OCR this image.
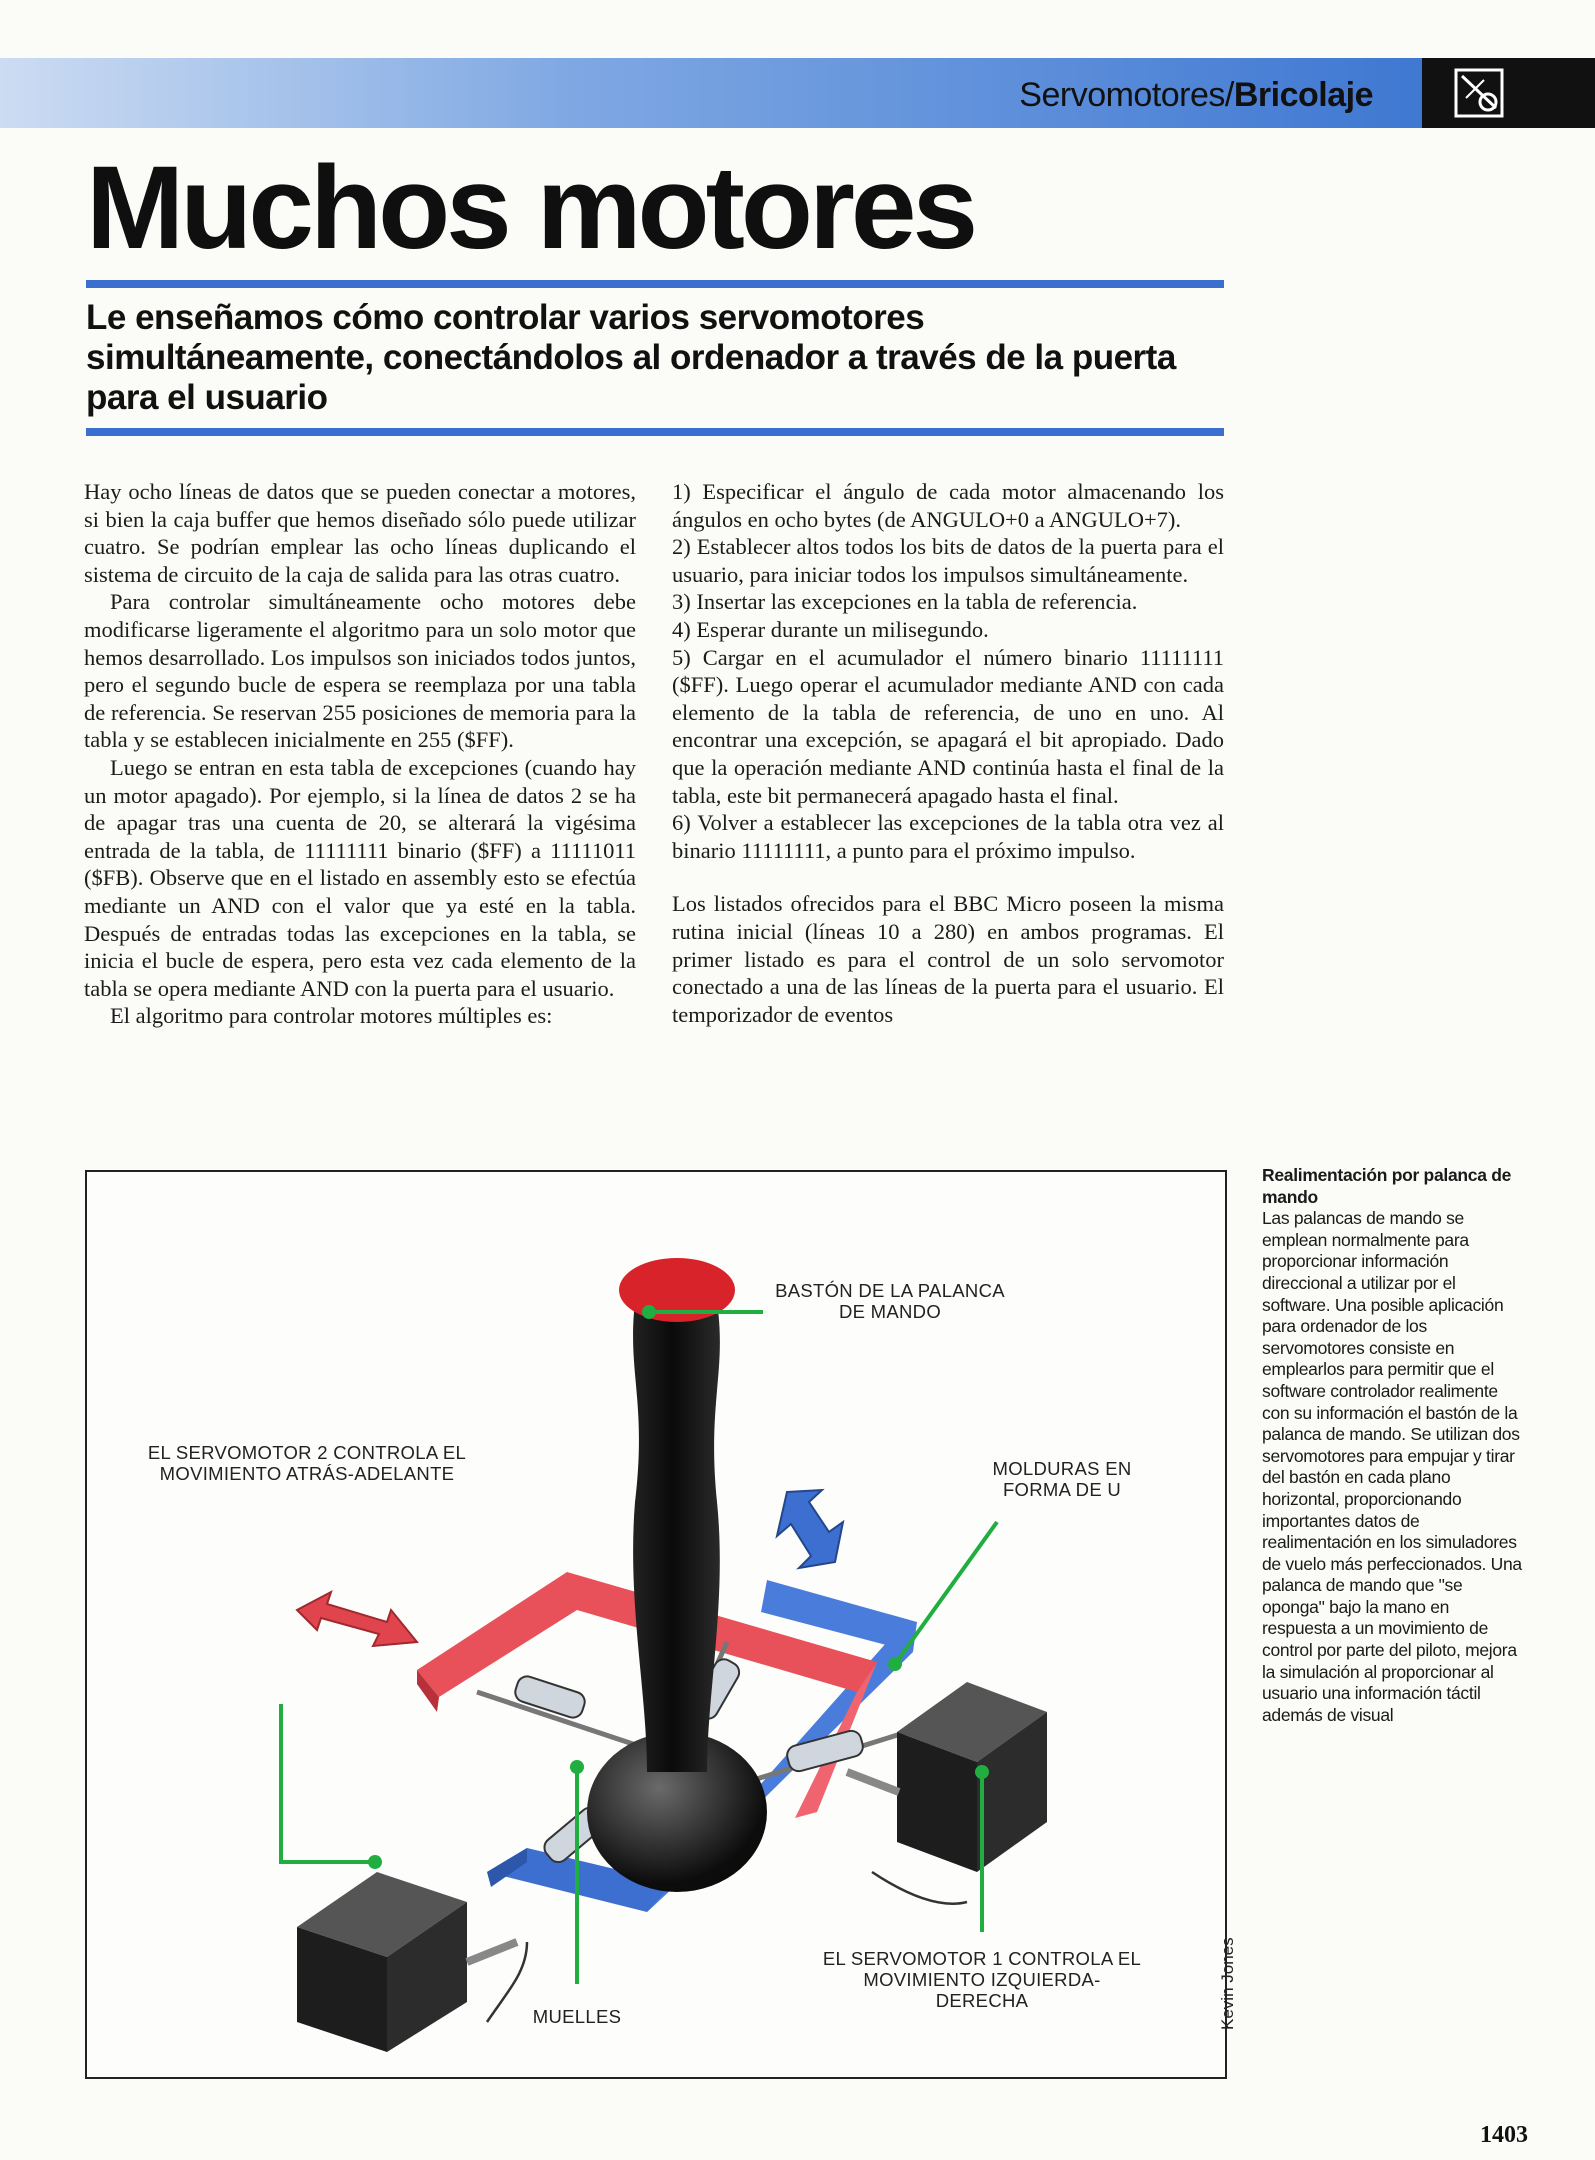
Servomotores/Bricolaje
Muchos motores
Le enseñamos cómo controlar varios servomotores simultáneamente, conectándolos al ordenador a través de la puerta para el usuario

Hay ocho líneas de datos que se pueden conectar a motores, si bien la caja buffer que hemos diseñado sólo puede utilizar cuatro. Se podrían emplear las ocho líneas duplicando el sistema de circuito de la caja de salida para las otras cuatro.

Para controlar simultáneamente ocho motores debe modificarse ligeramente el algoritmo para un solo motor que hemos desarrollado. Los impulsos son iniciados todos juntos, pero el segundo bucle de espera se reemplaza por una tabla de referencia. Se reservan 255 posiciones de memoria para la tabla y se establecen inicialmente en 255 ($FF).

Luego se entran en esta tabla de excepciones (cuando hay un motor apagado). Por ejemplo, si la línea de datos 2 se ha de apagar tras una cuenta de 20, se alterará la vigésima entrada de la tabla, de 11111111 binario ($FF) a 11111011 ($FB). Observe que en el listado en assembly esto se efectúa mediante un AND con el valor que ya esté en la tabla. Después de entradas todas las excepciones en la tabla, se inicia el bucle de espera, pero esta vez cada elemento de la tabla se opera mediante AND con la puerta para el usuario.

El algoritmo para controlar motores múltiples es:

1) Especificar el ángulo de cada motor almacenando los ángulos en ocho bytes (de ANGULO+0 a ANGULO+7).

2) Establecer altos todos los bits de datos de la puerta para el usuario, para iniciar todos los impulsos simultáneamente.

3) Insertar las excepciones en la tabla de referencia.

4) Esperar durante un milisegundo.

5) Cargar en el acumulador el número binario 11111111 ($FF). Luego operar el acumulador mediante AND con cada elemento de la tabla de referencia, de uno en uno. Al encontrar una excepción, se apagará el bit apropiado. Dado que la operación mediante AND continúa hasta el final de la tabla, este bit permanecerá apagado hasta el final.

6) Volver a establecer las excepciones de la tabla otra vez al binario 11111111, a punto para el próximo impulso.

Los listados ofrecidos para el BBC Micro poseen la misma rutina inicial (líneas 10 a 280) en ambos programas. El primer listado es para el control de un solo servomotor conectado a una de las líneas de la puerta para el usuario. El temporizador de eventos

BASTÓN DE LA PALANCA DE MANDO
EL SERVOMOTOR 2 CONTROLA EL MOVIMIENTO ATRÁS-ADELANTE	MOLDURAS EN FORMA DE U
EL SERVOMOTOR 1 CONTROLA EL MOVIMIENTO IZQUIERDA-DERECHA
MUELLES	Kevin Jones
Realimentación por palanca de mando

Las palancas de mando se emplean normalmente para proporcionar información direccional a utilizar por el software. Una posible aplicación para ordenador de los servomotores consiste en emplearlos para permitir que el software controlador realimente con su información el bastón de la palanca de mando. Se utilizan dos servomotores para empujar y tirar del bastón en cada plano horizontal, proporcionando importantes datos de realimentación en los simuladores de vuelo más perfeccionados. Una palanca de mando que "se oponga" bajo la mano en respuesta a un movimiento de control por parte del piloto, mejora la simulación al proporcionar al usuario una información táctil además de visual

1403
